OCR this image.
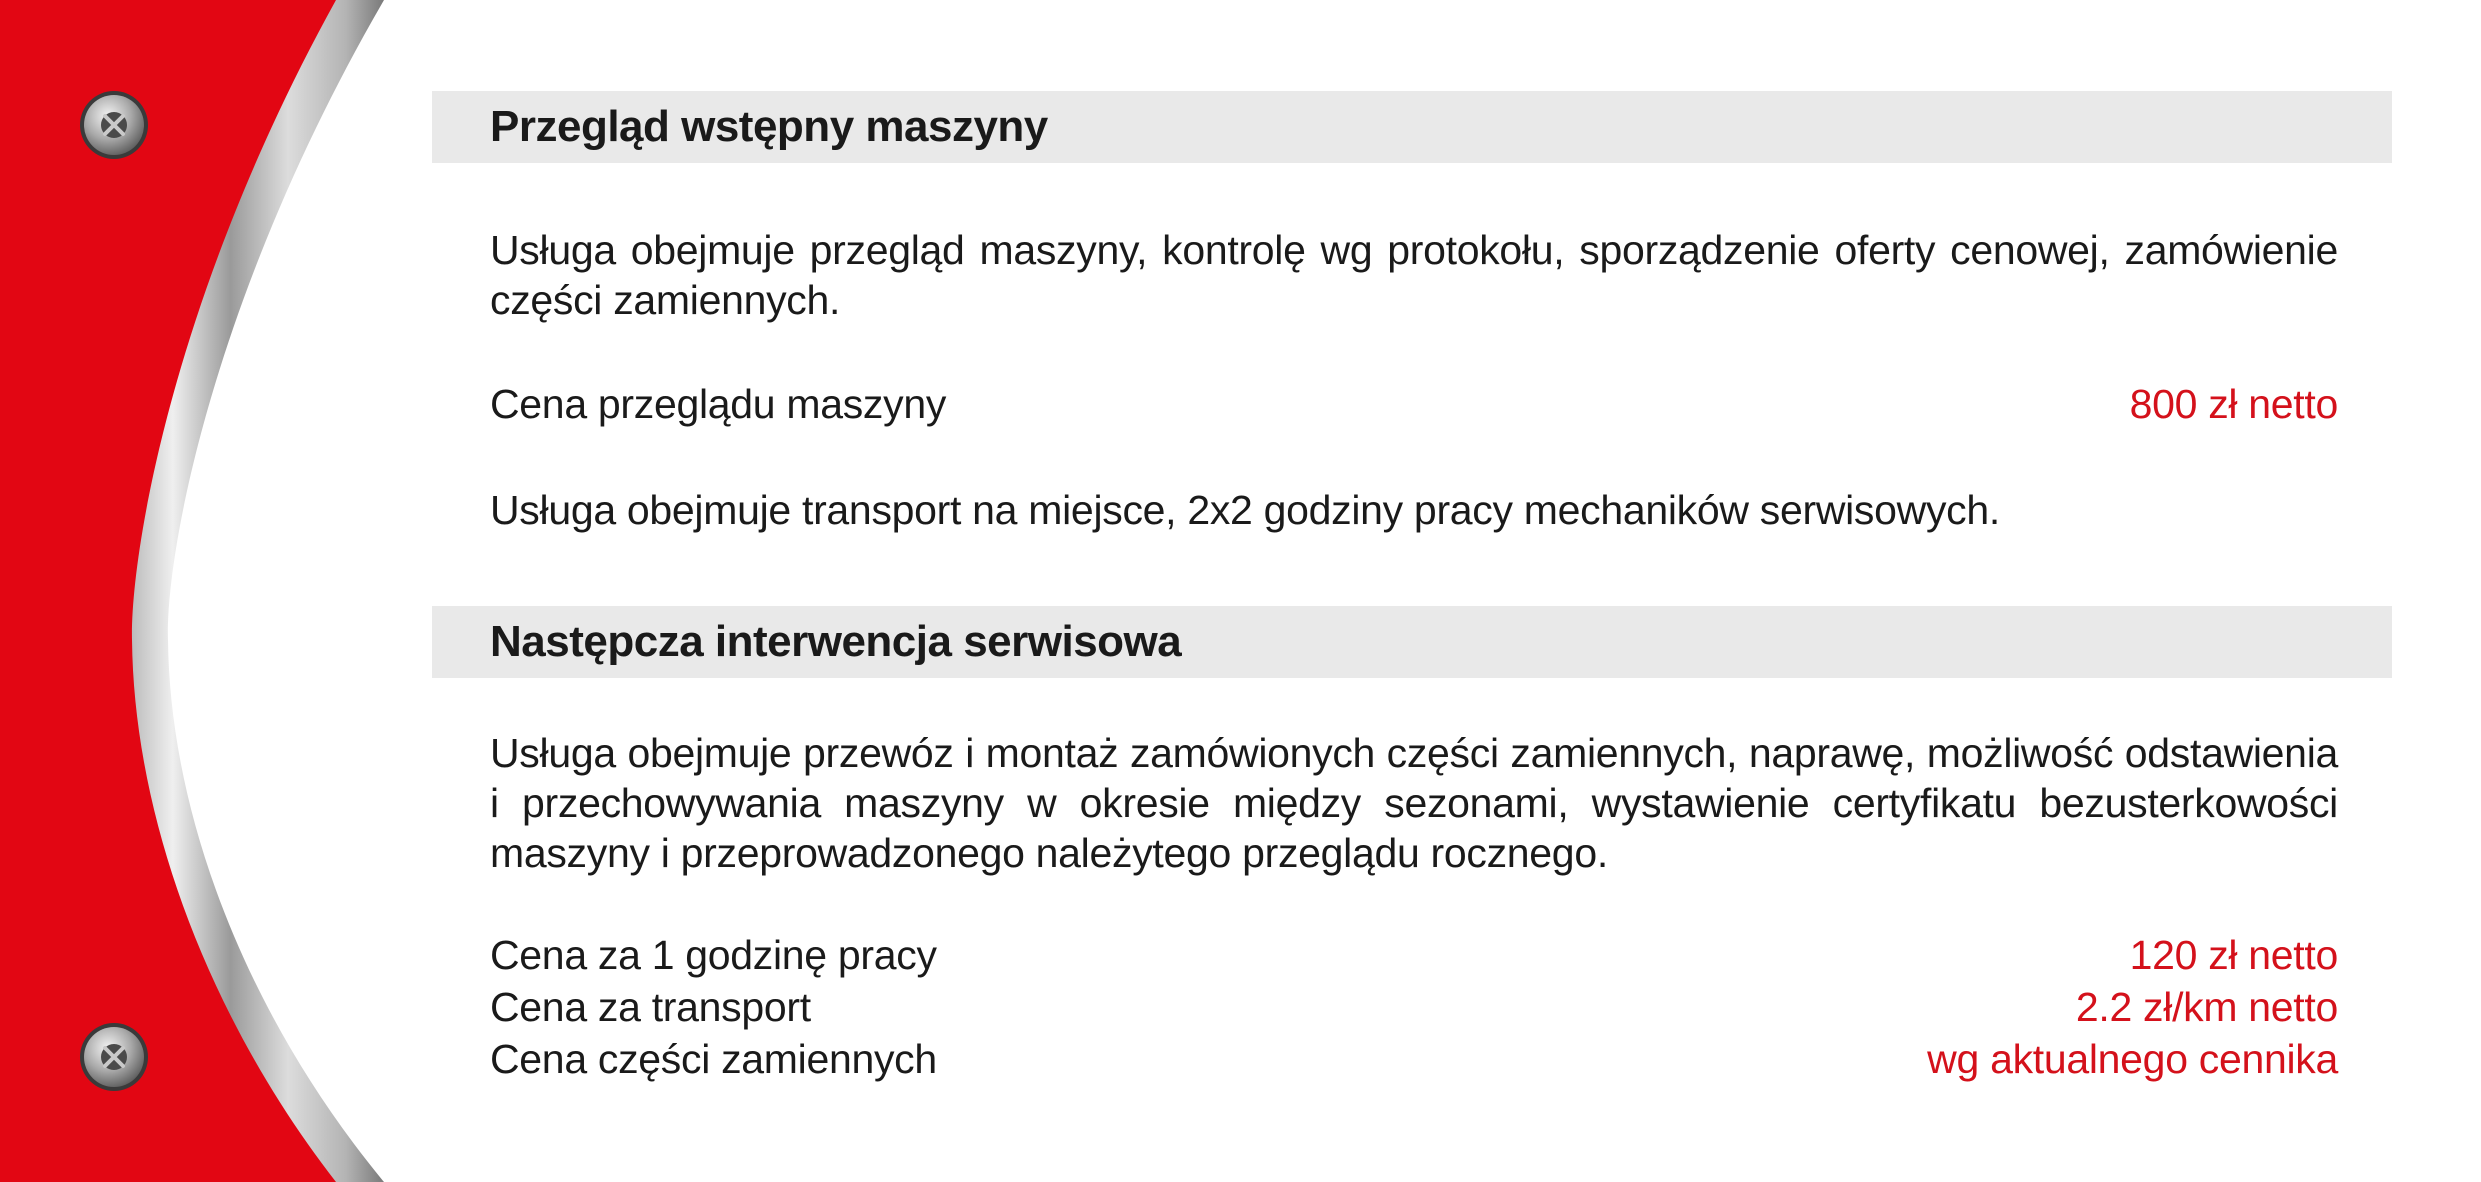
Przegląd wstępny maszyny

Usługa obejmuje przegląd maszyny, kontrolę wg protokołu, sporządzenie oferty cenowej, zamówienie części zamiennych.

Cena przeglądu maszyny	800 zł netto

Usługa obejmuje transport na miejsce, 2x2 godziny pracy mechaników serwisowych.

Następcza interwencja serwisowa

Usługa obejmuje przewóz i montaż zamówionych części zamiennych, naprawę, możliwość odstawienia i przechowywania maszyny w okresie między sezonami, wystawienie certyfikatu bezusterkowości maszyny i przeprowadzonego należytego przeglądu rocznego.

Cena za 1 godzinę pracy	120 zł netto
Cena za transport	2.2 zł/km netto
Cena części zamiennych	wg aktualnego cennika
